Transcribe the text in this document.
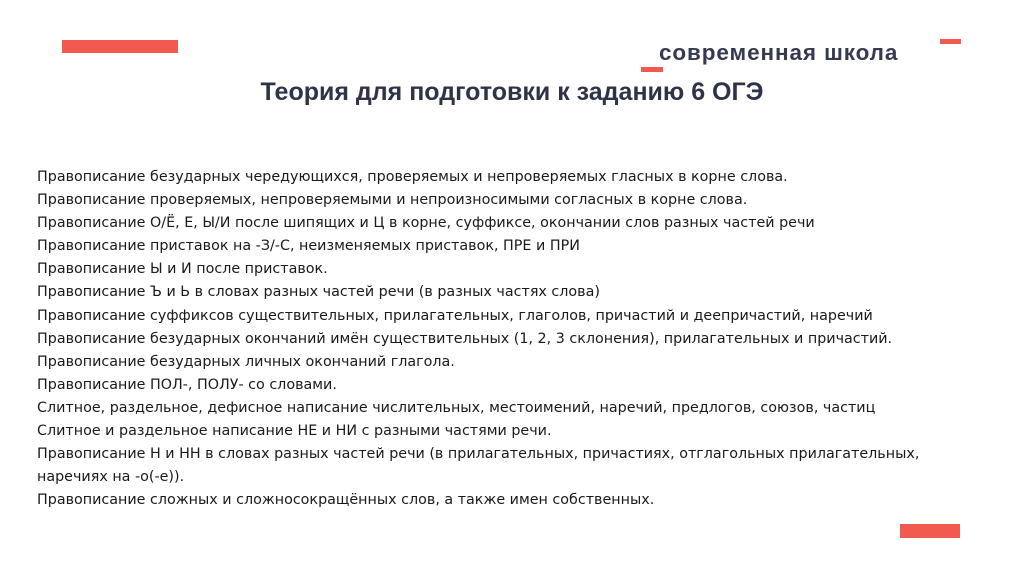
современная школа
Теория для подготовки к заданию 6 ОГЭ
Правописание безударных чередующихся, проверяемых и непроверяемых гласных в корне слова.
Правописание проверяемых, непроверяемыми и непроизносимыми согласных в корне слова.
Правописание О/Ё, Е, Ы/И после шипящих и Ц в корне, суффиксе, окончании слов разных частей речи
Правописание приставок на -З/-С, неизменяемых приставок, ПРЕ и ПРИ
Правописание Ы и И после приставок.
Правописание Ъ и Ь в словах разных частей речи (в разных частях слова)
Правописание суффиксов существительных, прилагательных, глаголов, причастий и деепричастий, наречий
Правописание безударных окончаний имён существительных (1, 2, 3 склонения), прилагательных и причастий.
Правописание безударных личных окончаний глагола.
Правописание ПОЛ-, ПОЛУ- со словами.
Слитное, раздельное, дефисное написание числительных, местоимений, наречий, предлогов, союзов, частиц
Слитное и раздельное написание НЕ и НИ с разными частями речи.
Правописание Н и НН в словах разных частей речи (в прилагательных, причастиях, отглагольных прилагательных, наречиях на -о(-е)).
Правописание сложных и сложносокращённых слов, а также имен собственных.
